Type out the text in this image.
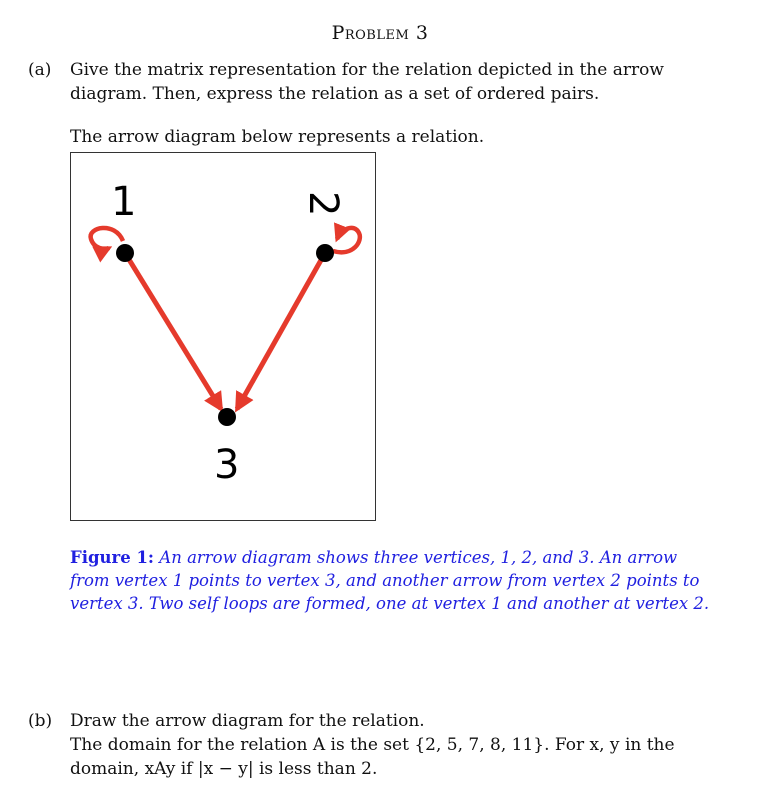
Problem 3
(a) Give the matrix representation for the relation depicted in the arrow diagram. Then, express the relation as a set of ordered pairs.
The arrow diagram below represents a relation.
1	2
3
Figure 1: An arrow diagram shows three vertices, 1, 2, and 3. An arrow from vertex 1 points to vertex 3, and another arrow from vertex 2 points to vertex 3. Two self loops are formed, one at vertex 1 and another at vertex 2.
(b) Draw the arrow diagram for the relation.
The domain for the relation A is the set {2, 5, 7, 8, 11}. For x, y in the domain, xAy if |x − y| is less than 2.
